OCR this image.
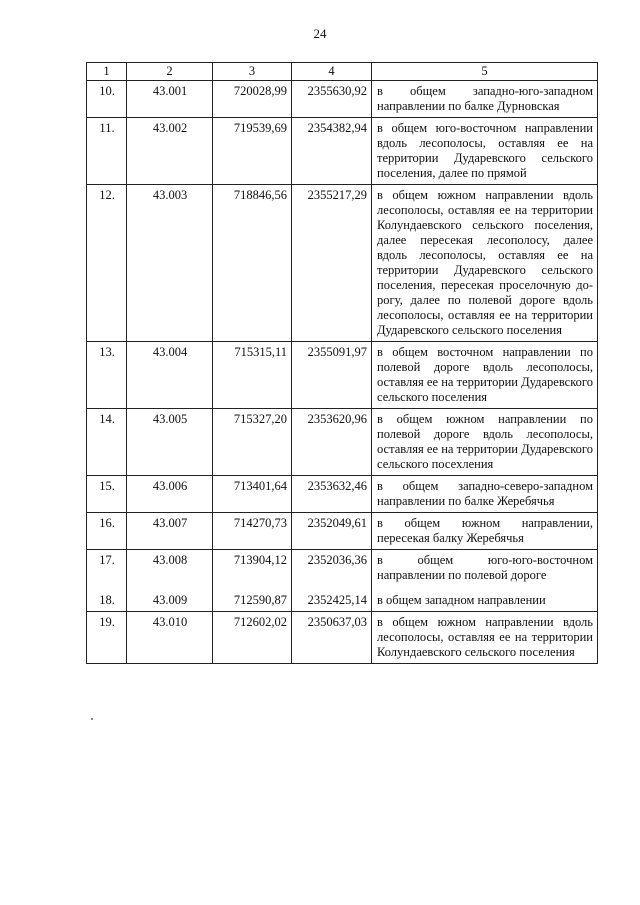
24
1	2	3	4	5
10.	43.001	720028,99	2355630,92	в общем западно-юго-западном направлении по балке Дурновская
11.	43.002	719539,69	2354382,94	в общем юго-восточном направлении вдоль лесополосы, оставляя ее на территории Дударевского сельского поселения, далее по прямой
12.	43.003	718846,56	2355217,29	в общем южном направлении вдоль лесополосы, оставляя ее на территории Колундаевского сельского поселения, далее пересекая лесополосу, далее вдоль лесополосы, оставляя ее на территории Дударевского сельского поселения, пересекая проселочную дорогу, далее по полевой дороге вдоль лесополосы, оставляя ее на территории Дударевского сельского поселения
13.	43.004	715315,11	2355091,97	в общем восточном направлении по полевой дороге вдоль лесополосы, оставляя ее на территории Дударевского сельского поселения
14.	43.005	715327,20	2353620,96	в общем южном направлении по полевой дороге вдоль лесополосы, оставляя ее на территории Дударевского сельского посеxления
15.	43.006	713401,64	2353632,46	в общем западно-северо-западном направлении по балке Жеребячья
16.	43.007	714270,73	2352049,61	в общем южном направлении, пересекая балку Жеребячья
17.	43.008	713904,12	2352036,36	в общем юго-юго-восточном направлении по полевой дороге
18.	43.009	712590,87	2352425,14	в общем западном направлении
19.	43.010	712602,02	2350637,03	в общем южном направлении вдоль лесополосы, оставляя ее на территории Колундаевского сельского поселения
